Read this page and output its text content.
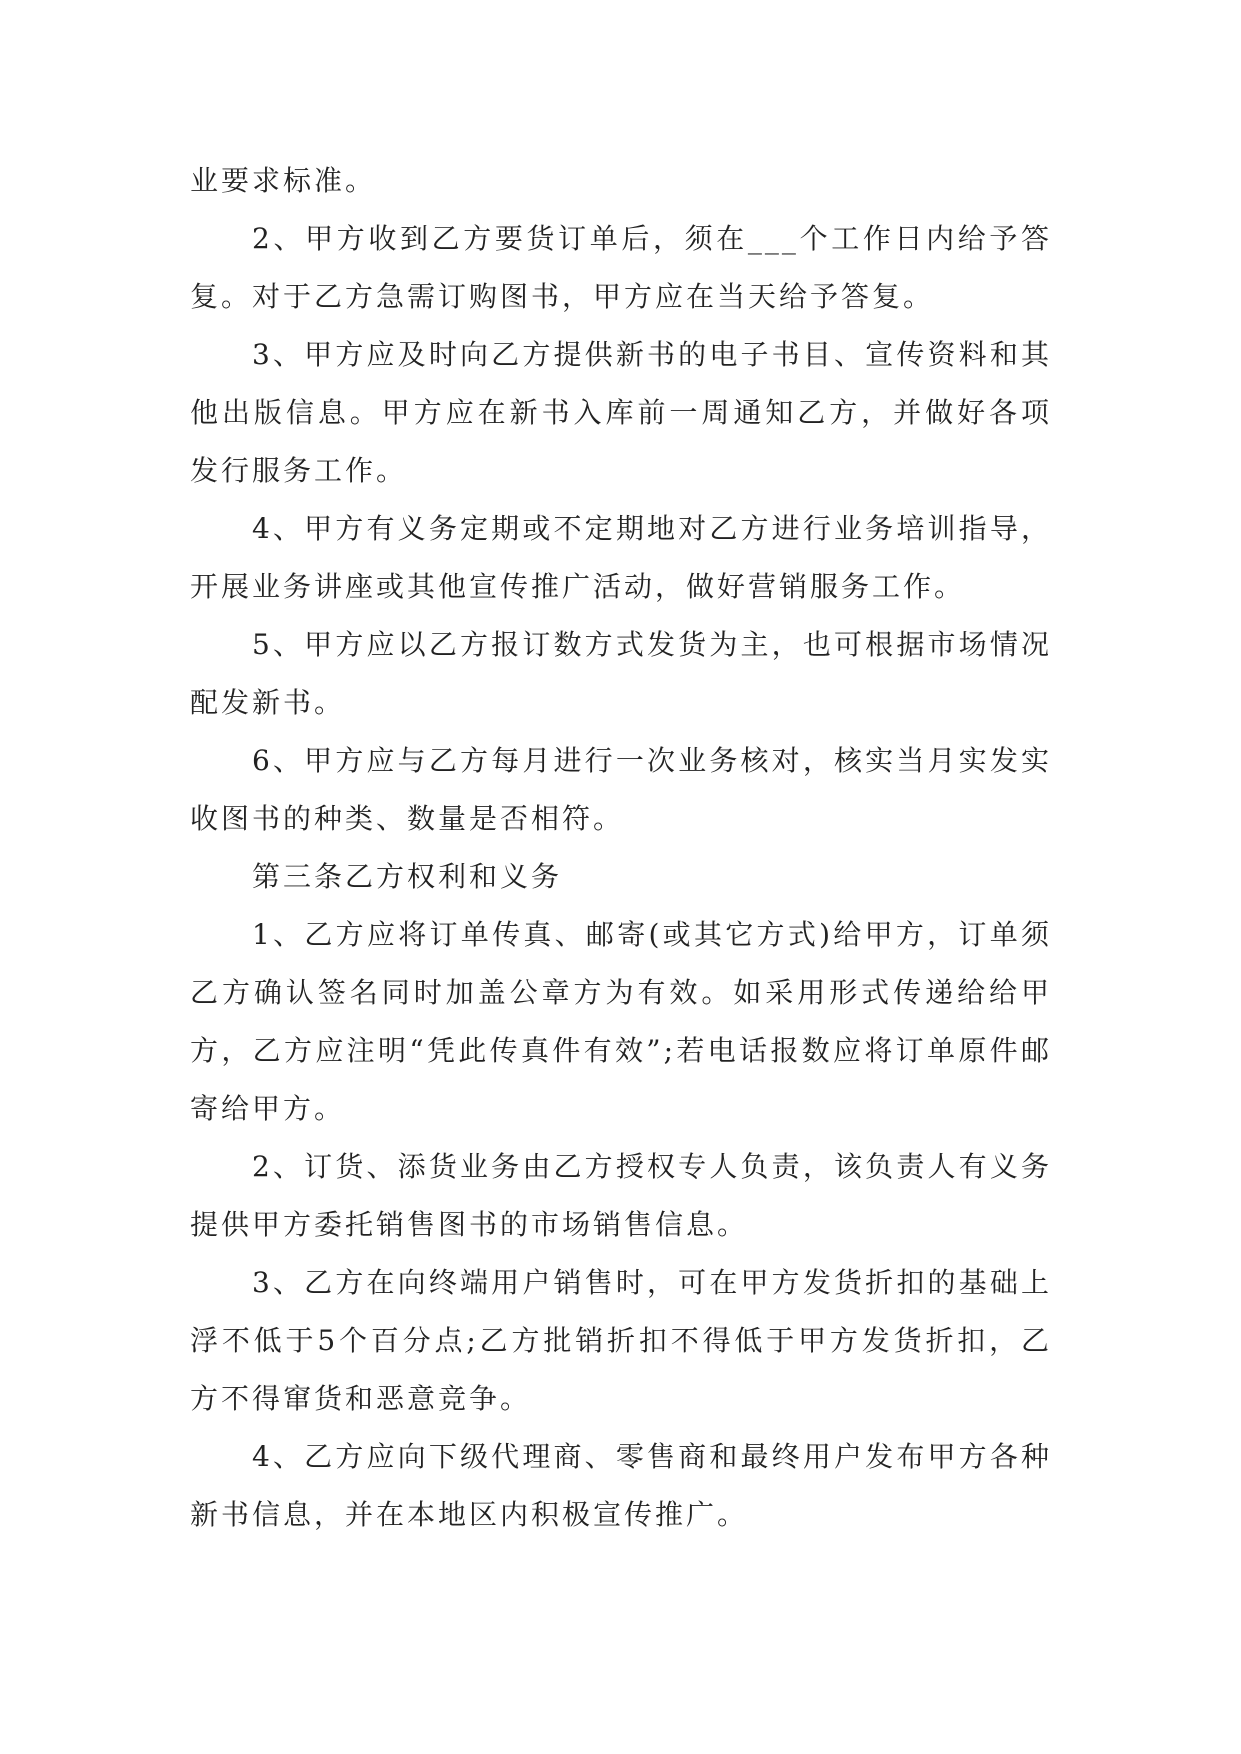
业要求标准。

2、甲方收到乙方要货订单后，须在___个工作日内给予答复。对于乙方急需订购图书，甲方应在当天给予答复。

3、甲方应及时向乙方提供新书的电子书目、宣传资料和其他出版信息。甲方应在新书入库前一周通知乙方，并做好各项发行服务工作。

4、甲方有义务定期或不定期地对乙方进行业务培训指导，开展业务讲座或其他宣传推广活动，做好营销服务工作。

5、甲方应以乙方报订数方式发货为主，也可根据市场情况配发新书。

6、甲方应与乙方每月进行一次业务核对，核实当月实发实收图书的种类、数量是否相符。

第三条乙方权利和义务

1、乙方应将订单传真、邮寄(或其它方式)给甲方，订单须乙方确认签名同时加盖公章方为有效。如采用形式传递给给甲方，乙方应注明“凭此传真件有效”;若电话报数应将订单原件邮寄给甲方。

2、订货、添货业务由乙方授权专人负责，该负责人有义务提供甲方委托销售图书的市场销售信息。

3、乙方在向终端用户销售时，可在甲方发货折扣的基础上浮不低于5个百分点;乙方批销折扣不得低于甲方发货折扣，乙方不得窜货和恶意竞争。

4、乙方应向下级代理商、零售商和最终用户发布甲方各种新书信息，并在本地区内积极宣传推广。
